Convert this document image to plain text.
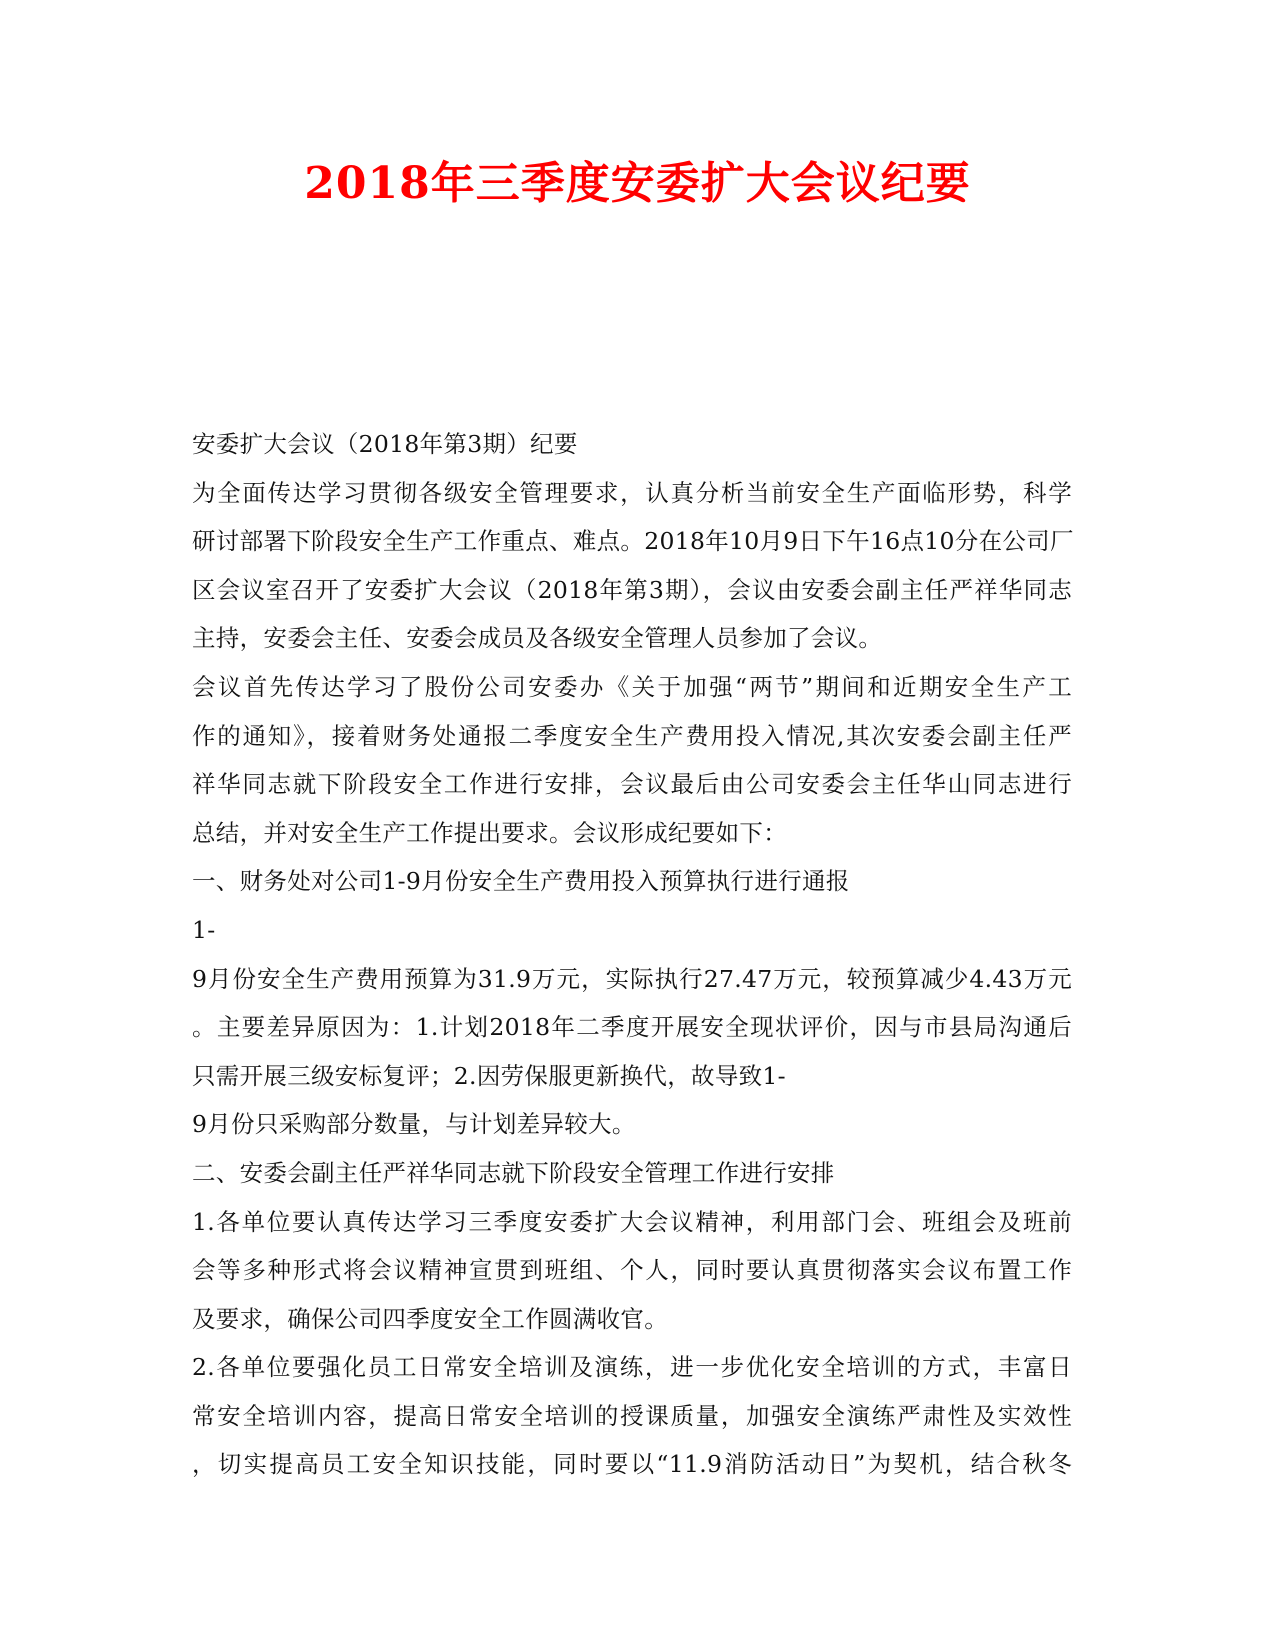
2018年三季度安委扩大会议纪要
安委扩大会议（2018年第3期）纪要
为全面传达学习贯彻各级安全管理要求，认真分析当前安全生产面临形势，科学
研讨部署下阶段安全生产工作重点、难点。2018年10月9日下午16点10分在公司厂
区会议室召开了安委扩大会议（2018年第3期），会议由安委会副主任严祥华同志
主持，安委会主任、安委会成员及各级安全管理人员参加了会议。
会议首先传达学习了股份公司安委办《关于加强“两节”期间和近期安全生产工
作的通知》，接着财务处通报二季度安全生产费用投入情况,其次安委会副主任严
祥华同志就下阶段安全工作进行安排，会议最后由公司安委会主任华山同志进行
总结，并对安全生产工作提出要求。会议形成纪要如下：
一、财务处对公司1-9月份安全生产费用投入预算执行进行通报
1-
9月份安全生产费用预算为31.9万元，实际执行27.47万元，较预算减少4.43万元
。主要差异原因为：1.计划2018年二季度开展安全现状评价，因与市县局沟通后
只需开展三级安标复评；2.因劳保服更新换代，故导致1-
9月份只采购部分数量，与计划差异较大。
二、安委会副主任严祥华同志就下阶段安全管理工作进行安排
1.各单位要认真传达学习三季度安委扩大会议精神，利用部门会、班组会及班前
会等多种形式将会议精神宣贯到班组、个人，同时要认真贯彻落实会议布置工作
及要求，确保公司四季度安全工作圆满收官。
2.各单位要强化员工日常安全培训及演练，进一步优化安全培训的方式，丰富日
常安全培训内容，提高日常安全培训的授课质量，加强安全演练严肃性及实效性
，切实提高员工安全知识技能，同时要以“11.9消防活动日”为契机，结合秋冬
